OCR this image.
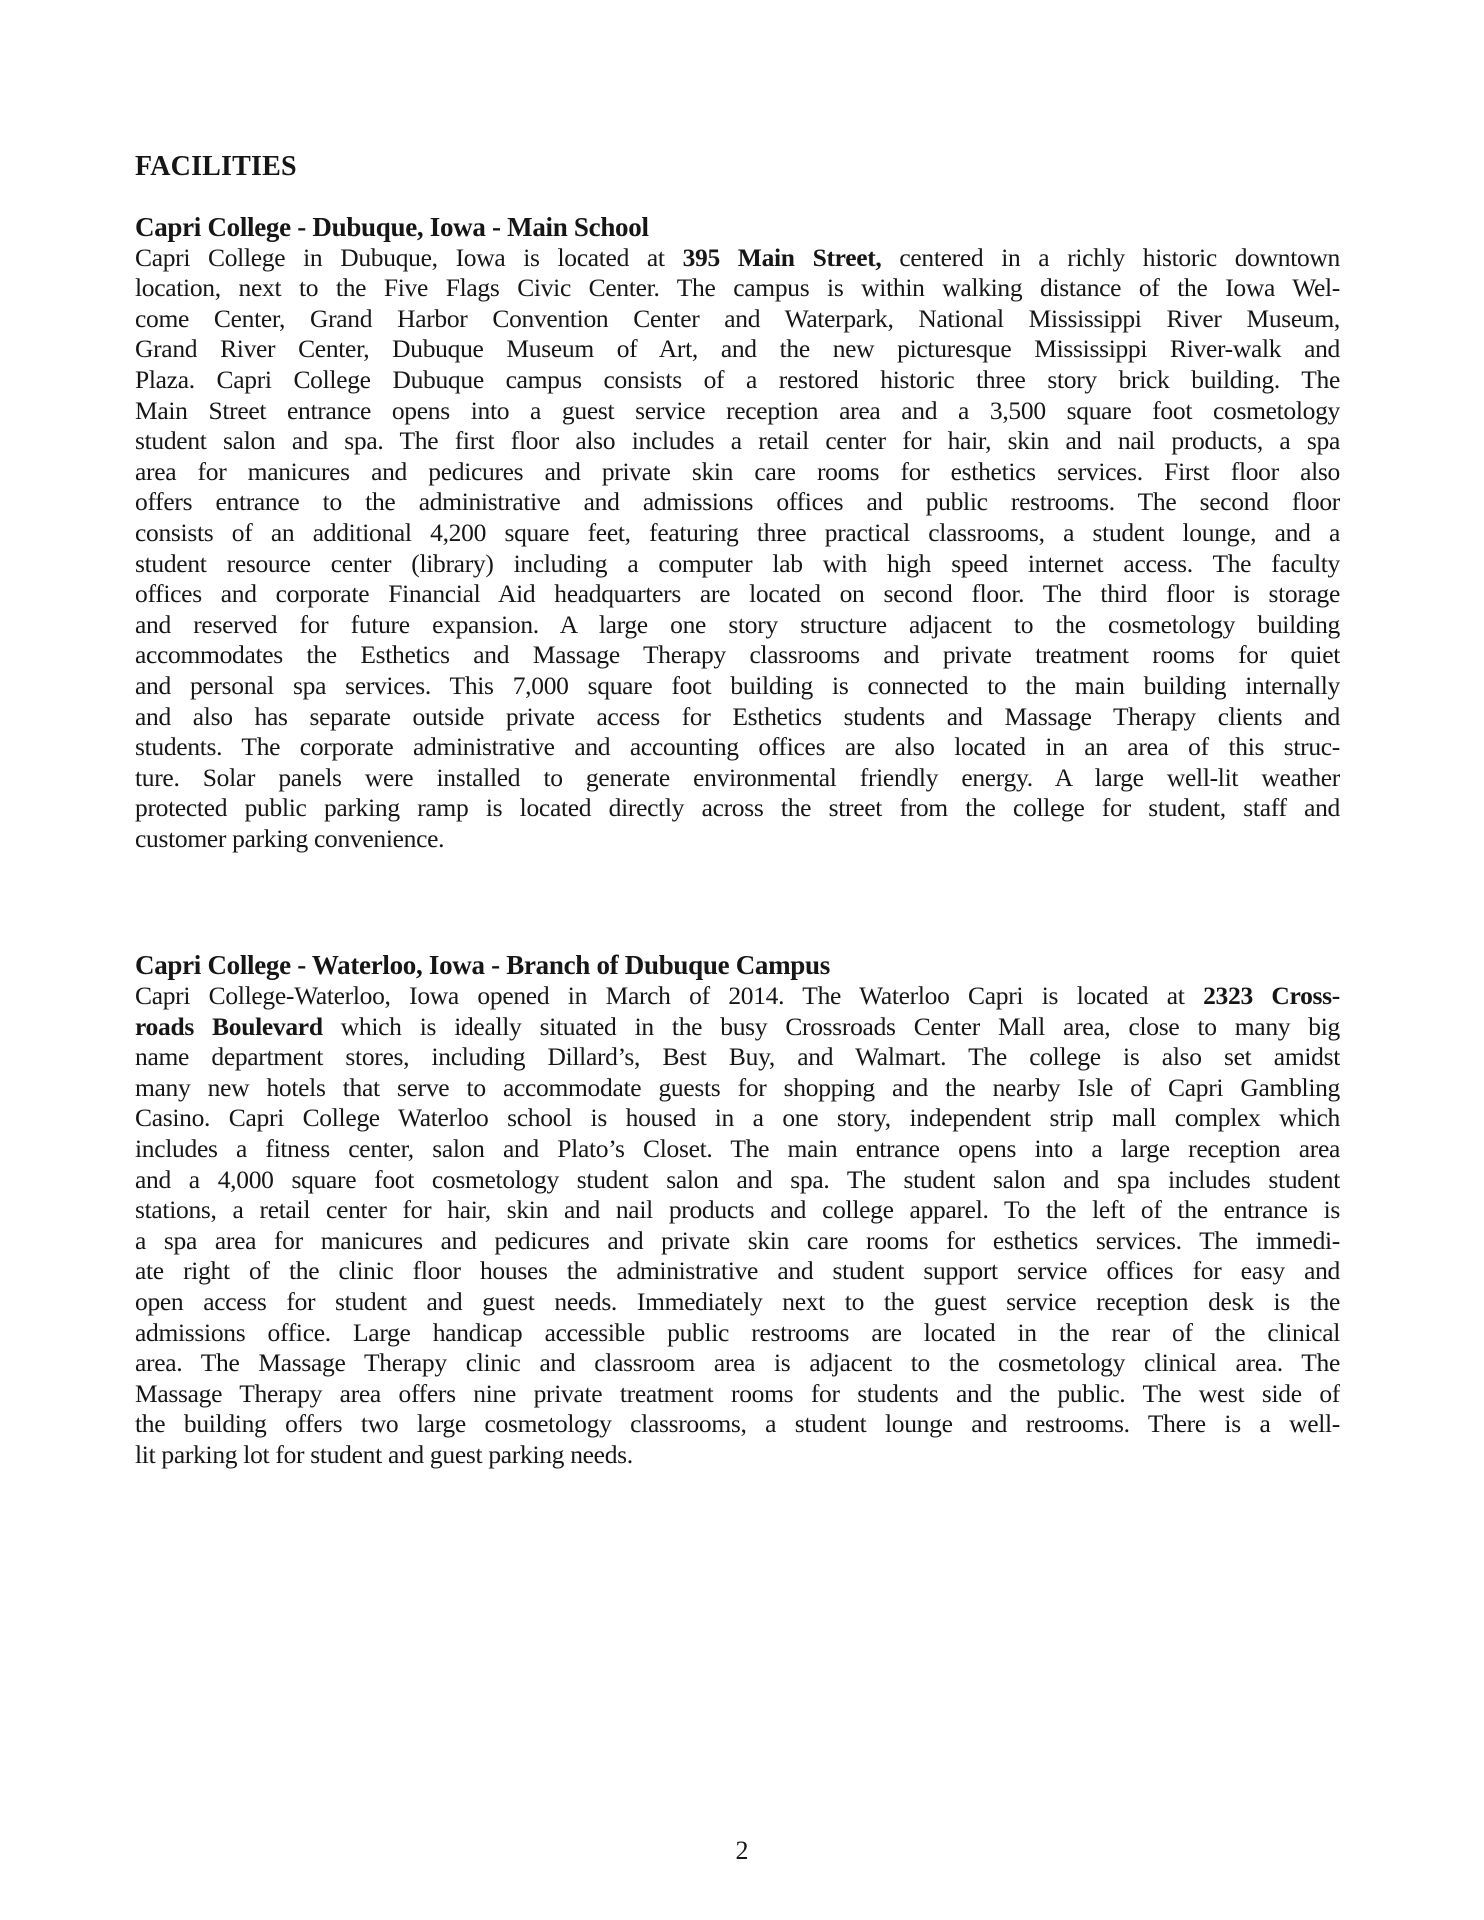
FACILITIES
Capri College - Dubuque, Iowa - Main School
Capri College in Dubuque, Iowa is located at 395 Main Street, centered in a richly historic downtown
location, next to the Five Flags Civic Center. The campus is within walking distance of the Iowa Wel-
come Center, Grand Harbor Convention Center and Waterpark, National Mississippi River Museum,
Grand River Center, Dubuque Museum of Art, and the new picturesque Mississippi River-walk and
Plaza. Capri College Dubuque campus consists of a restored historic three story brick building. The
Main Street entrance opens into a guest service reception area and a 3,500 square foot cosmetology
student salon and spa. The first floor also includes a retail center for hair, skin and nail products, a spa
area for manicures and pedicures and private skin care rooms for esthetics services. First floor also
offers entrance to the administrative and admissions offices and public restrooms. The second floor
consists of an additional 4,200 square feet, featuring three practical classrooms, a student lounge, and a
student resource center (library) including a computer lab with high speed internet access. The faculty
offices and corporate Financial Aid headquarters are located on second floor. The third floor is storage
and reserved for future expansion. A large one story structure adjacent to the cosmetology building
accommodates the Esthetics and Massage Therapy classrooms and private treatment rooms for quiet
and personal spa services. This 7,000 square foot building is connected to the main building internally
and also has separate outside private access for Esthetics students and Massage Therapy clients and
students. The corporate administrative and accounting offices are also located in an area of this struc-
ture. Solar panels were installed to generate environmental friendly energy. A large well-lit weather
protected public parking ramp is located directly across the street from the college for student, staff and
customer parking convenience.
Capri College - Waterloo, Iowa - Branch of Dubuque Campus
Capri College-Waterloo, Iowa opened in March of 2014. The Waterloo Capri is located at 2323 Cross-
roads Boulevard which is ideally situated in the busy Crossroads Center Mall area, close to many big
name department stores, including Dillard’s, Best Buy, and Walmart. The college is also set amidst
many new hotels that serve to accommodate guests for shopping and the nearby Isle of Capri Gambling
Casino. Capri College Waterloo school is housed in a one story, independent strip mall complex which
includes a fitness center, salon and Plato’s Closet. The main entrance opens into a large reception area
and a 4,000 square foot cosmetology student salon and spa. The student salon and spa includes student
stations, a retail center for hair, skin and nail products and college apparel. To the left of the entrance is
a spa area for manicures and pedicures and private skin care rooms for esthetics services. The immedi-
ate right of the clinic floor houses the administrative and student support service offices for easy and
open access for student and guest needs. Immediately next to the guest service reception desk is the
admissions office. Large handicap accessible public restrooms are located in the rear of the clinical
area. The Massage Therapy clinic and classroom area is adjacent to the cosmetology clinical area. The
Massage Therapy area offers nine private treatment rooms for students and the public. The west side of
the building offers two large cosmetology classrooms, a student lounge and restrooms. There is a well-
lit parking lot for student and guest parking needs.
2
